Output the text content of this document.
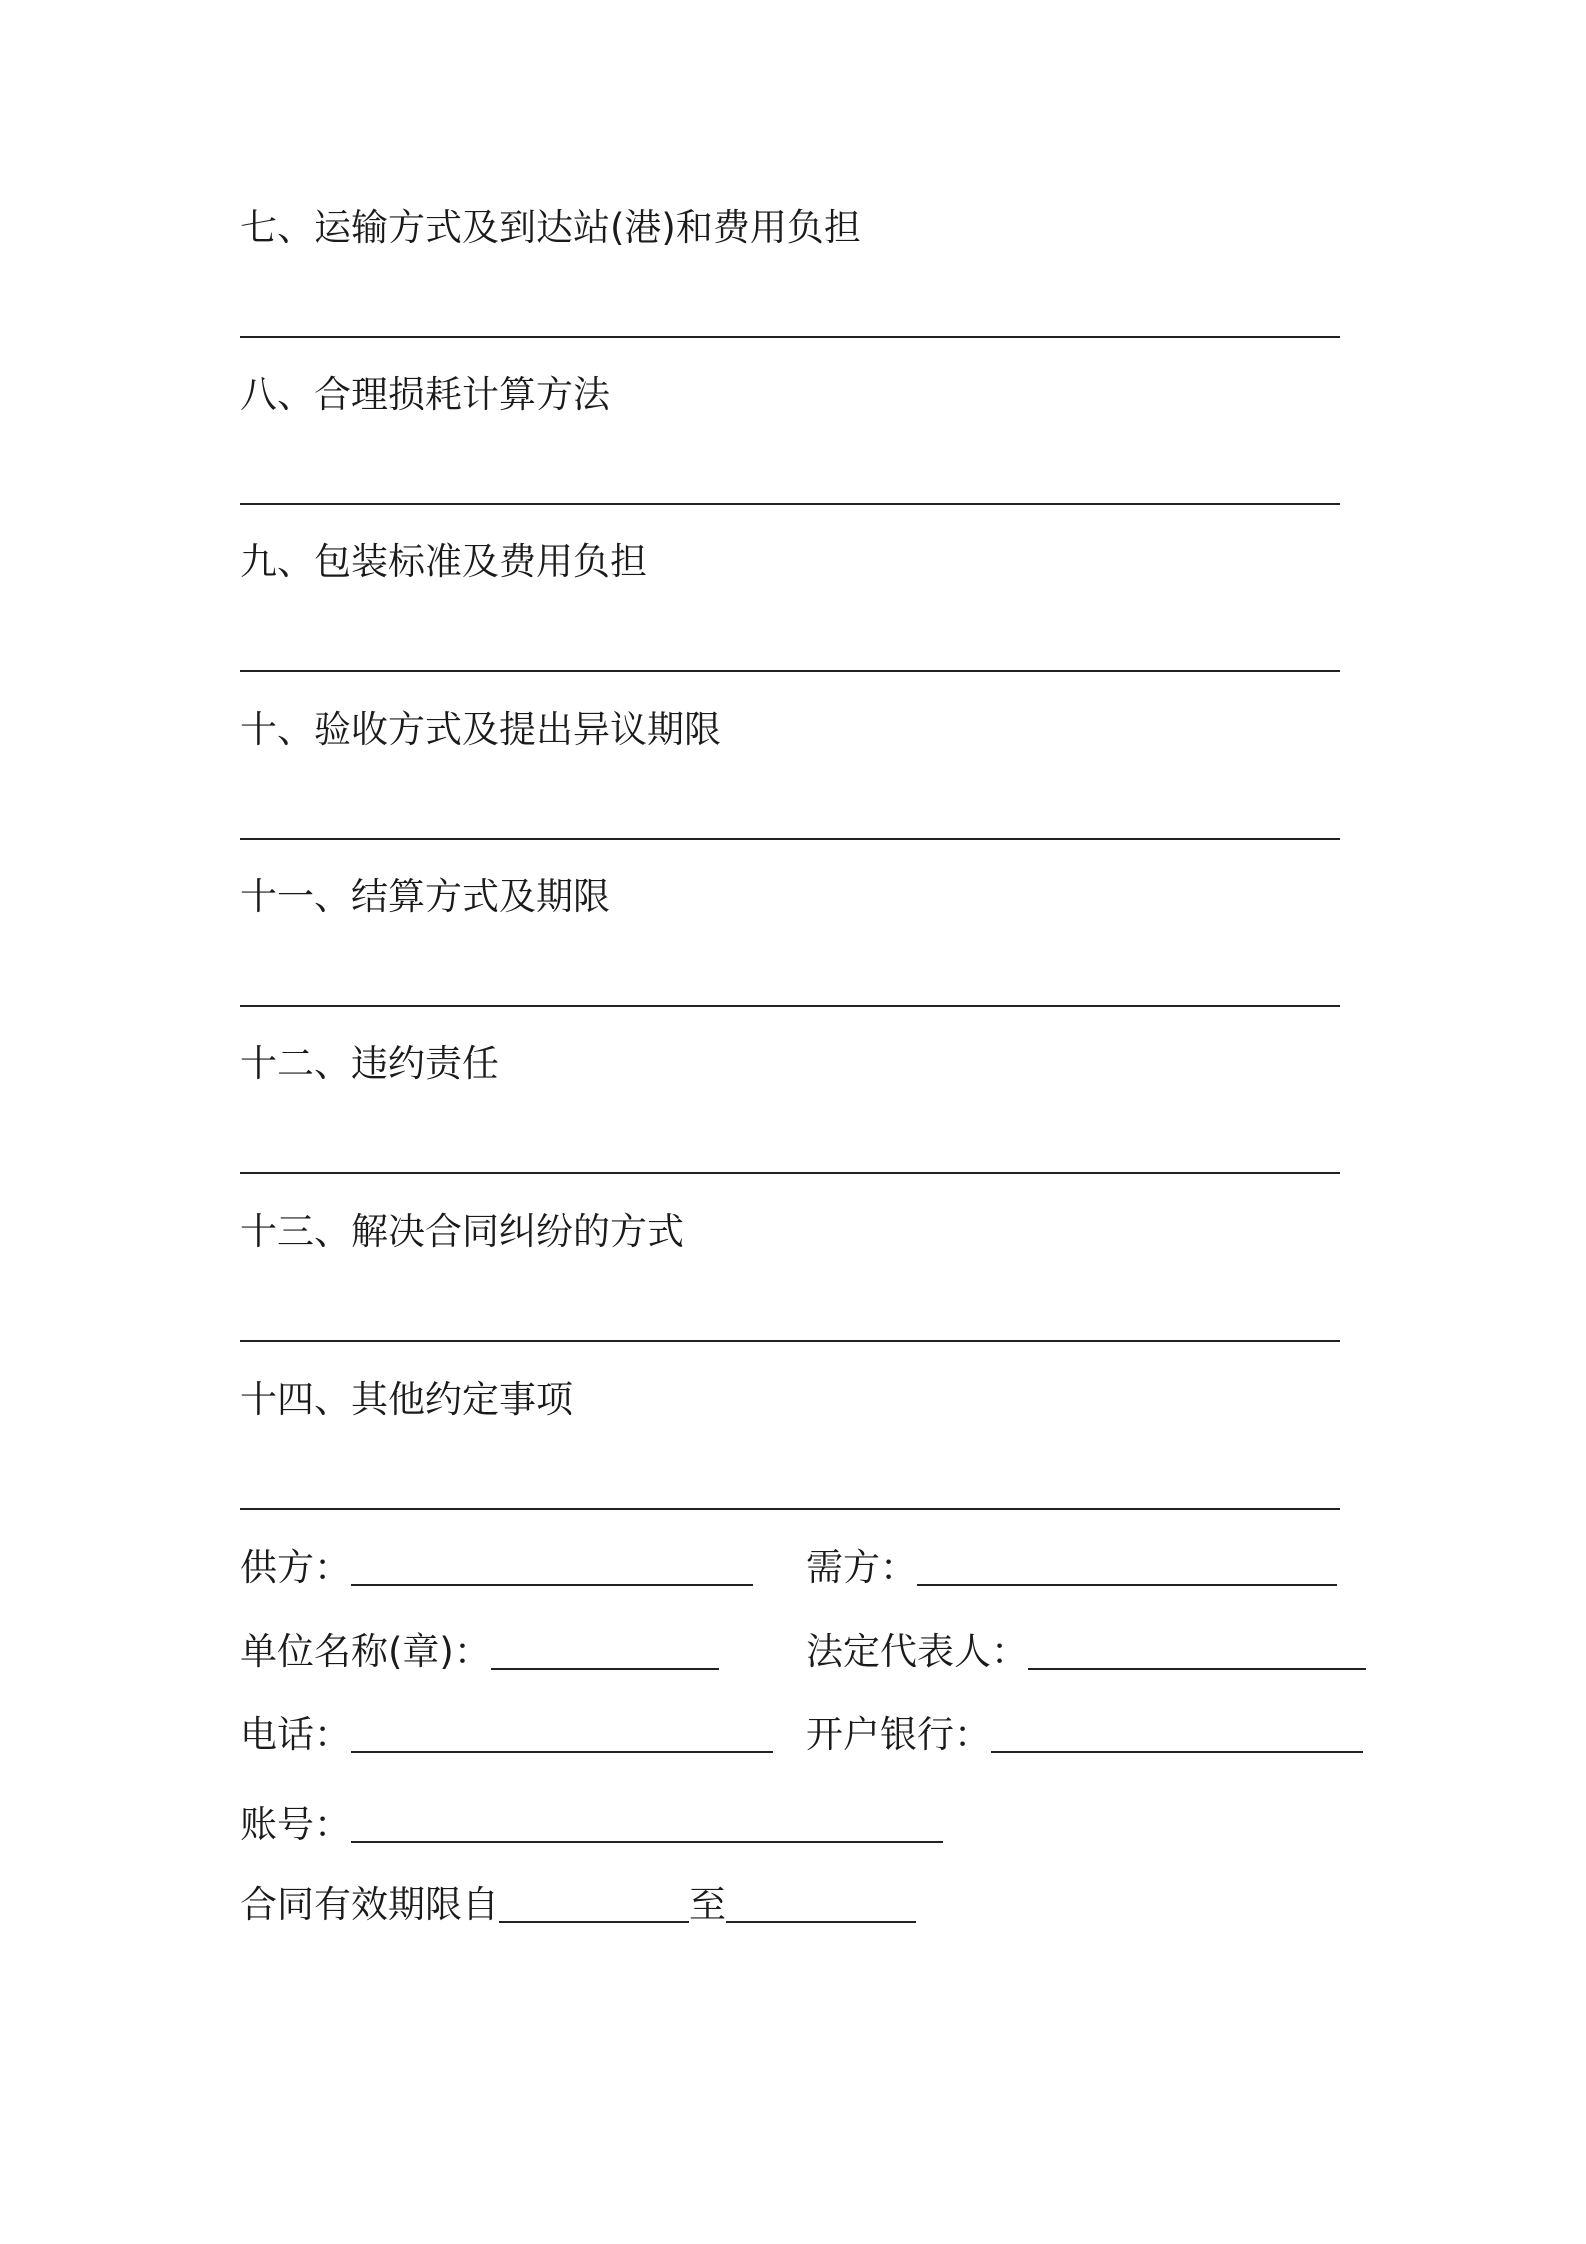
七、运输方式及到达站(港)和费用负担
八、合理损耗计算方法
九、包装标准及费用负担
十、验收方式及提出异议期限
十一、结算方式及期限
十二、违约责任
十三、解决合同纠纷的方式
十四、其他约定事项
供方：	需方：
单位名称(章)：	法定代表人：
电话：	开户银行：
账号：
合同有效期限自	至
